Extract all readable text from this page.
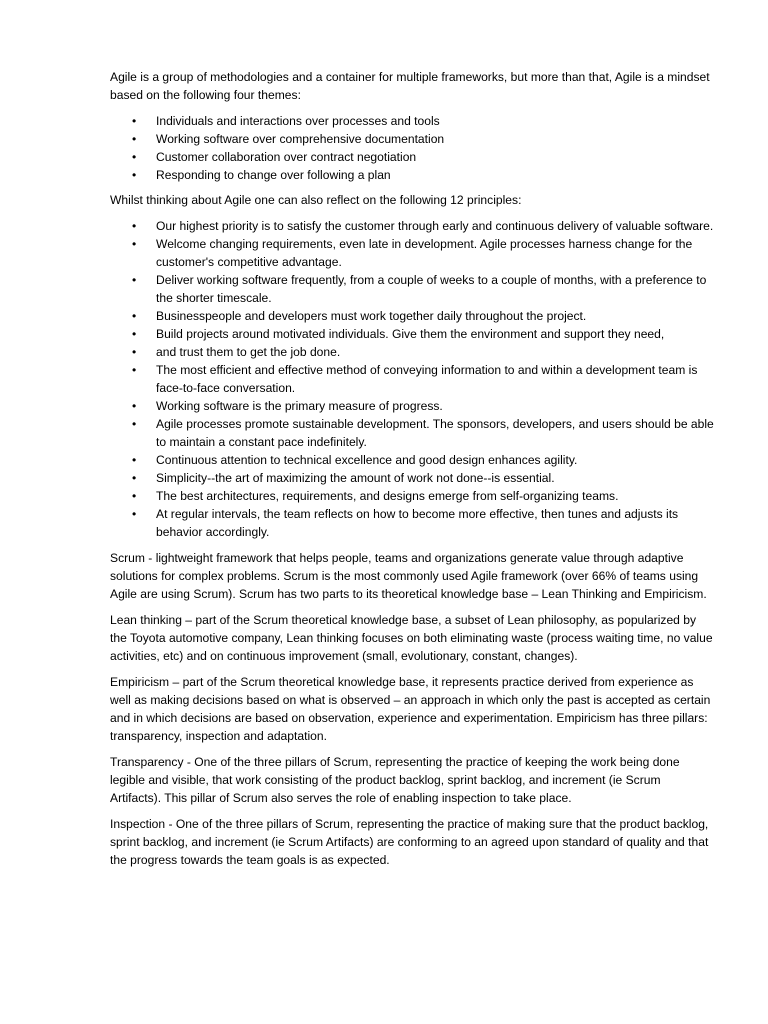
Agile is a group of methodologies and a container for multiple frameworks, but more than that, Agile is a mindset based on the following four themes:

•	Individuals and interactions over processes and tools
•	Working software over comprehensive documentation
•	Customer collaboration over contract negotiation
•	Responding to change over following a plan

Whilst thinking about Agile one can also reflect on the following 12 principles:

•	Our highest priority is to satisfy the customer through early and continuous delivery of valuable software.
•	Welcome changing requirements, even late in development. Agile processes harness change for the customer's competitive advantage.
•	Deliver working software frequently, from a couple of weeks to a couple of months, with a preference to the shorter timescale.
•	Businesspeople and developers must work together daily throughout the project.
•	Build projects around motivated individuals. Give them the environment and support they need,
•	and trust them to get the job done.
•	The most efficient and effective method of conveying information to and within a development team is face-to-face conversation.
•	Working software is the primary measure of progress.
•	Agile processes promote sustainable development. The sponsors, developers, and users should be able to maintain a constant pace indefinitely.
•	Continuous attention to technical excellence and good design enhances agility.
•	Simplicity--the art of maximizing the amount of work not done--is essential.
•	The best architectures, requirements, and designs emerge from self-organizing teams.
•	At regular intervals, the team reflects on how to become more effective, then tunes and adjusts its behavior accordingly.

Scrum - lightweight framework that helps people, teams and organizations generate value through adaptive solutions for complex problems. Scrum is the most commonly used Agile framework (over 66% of teams using Agile are using Scrum). Scrum has two parts to its theoretical knowledge base – Lean Thinking and Empiricism.

Lean thinking – part of the Scrum theoretical knowledge base, a subset of Lean philosophy, as popularized by the Toyota automotive company, Lean thinking focuses on both eliminating waste (process waiting time, no value activities, etc) and on continuous improvement (small, evolutionary, constant, changes).

Empiricism – part of the Scrum theoretical knowledge base, it represents practice derived from experience as well as making decisions based on what is observed – an approach in which only the past is accepted as certain and in which decisions are based on observation, experience and experimentation. Empiricism has three pillars: transparency, inspection and adaptation.

Transparency - One of the three pillars of Scrum, representing the practice of keeping the work being done legible and visible, that work consisting of the product backlog, sprint backlog, and increment (ie Scrum Artifacts). This pillar of Scrum also serves the role of enabling inspection to take place.

Inspection - One of the three pillars of Scrum, representing the practice of making sure that the product backlog, sprint backlog, and increment (ie Scrum Artifacts) are conforming to an agreed upon standard of quality and that the progress towards the team goals is as expected.
